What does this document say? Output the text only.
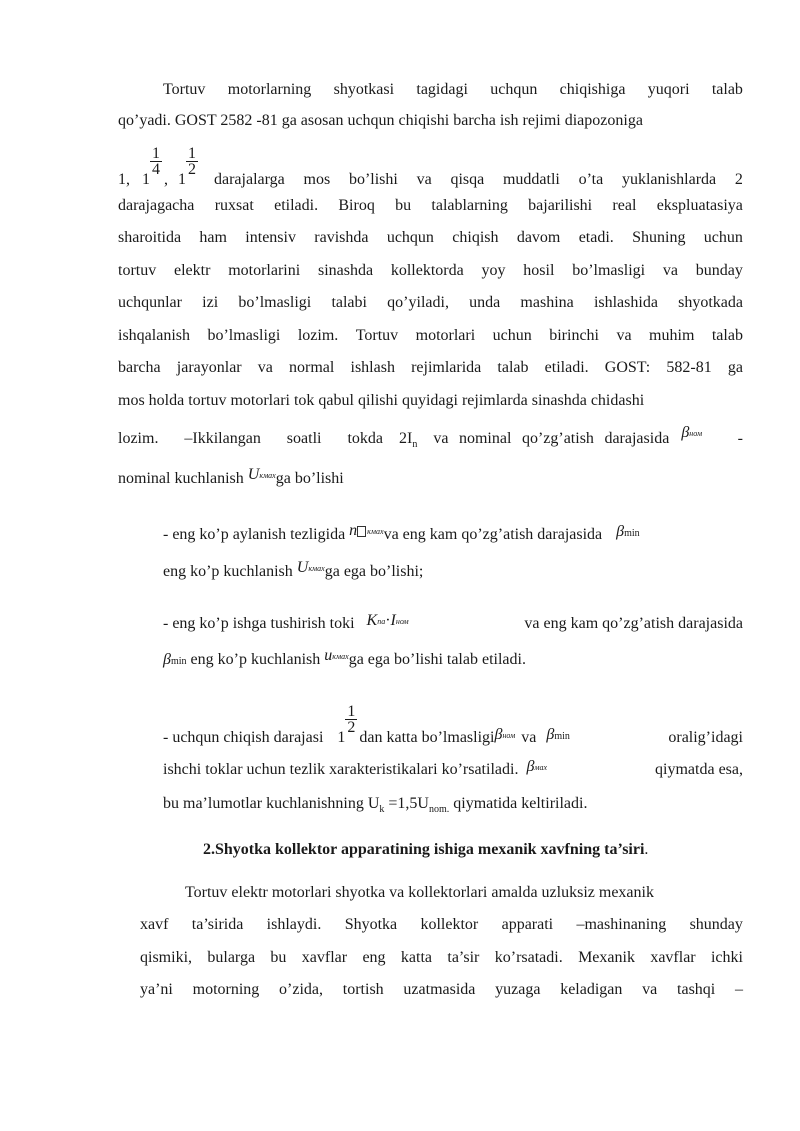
Tortuv motorlarning shyotkasi tagidagi uchqun chiqishiga yuqori talab
qo’yadi. GOST 2582 -81 ga asosan uchqun chiqishi barcha ish rejimi diapozoniga
1, $1 \frac{1}{4}$ , $1 \frac{1}{2}$ darajalarga mos bo’lishi va qisqa muddatli o’ta yuklanishlarda 2
darajagacha ruxsat etiladi. Biroq bu talablarning bajarilishi real ekspluatasiya
sharoitida ham intensiv ravishda uchqun chiqish davom etadi. Shuning uchun
tortuv elektr motorlarini sinashda kollektorda yoy hosil bo’lmasligi va bunday
uchqunlar izi bo’lmasligi talabi qo’yiladi, unda mashina ishlashida shyotkada
ishqalanish bo’lmasligi lozim. Tortuv motorlari uchun birinchi va muhim talab
barcha jarayonlar va normal ishlash rejimlarida talab etiladi. GOST: 582-81 ga
mos holda tortuv motorlari tok qabul qilishi quyidagi rejimlarda sinashda chidashi
lozim. –Ikkilangan soatli tokda $2I_n$ va nominal qo’zg’atish darajasida βном -
nominal kuchlanish Uкмахga bo’lishi
- eng ko’p aylanish tezligida n кмахva eng kam qo’zg’atish darajasida βmin
eng ko’p kuchlanish Uкмахga ega bo’lishi;
- eng ko’p ishga tushirish toki Kпа·Iном	va eng kam qo’zg’atish darajasida
βmin eng ko’p kuchlanish uкмахga ega bo’lishi talab etiladi.
- uchqun chiqish darajasi $1 \frac{1}{2}$ dan katta bo’lmasligi βном va βmin	oralig’idagi
ishchi toklar uchun tezlik xarakteristikalari ko’rsatiladi. βмах	qiymatda esa,
bu ma’lumotlar kuchlanishning $U_k =1,5U_{nom.}$ qiymatida keltiriladi.
2.Shyotka kollektor apparatining ishiga mexanik xavfning ta’siri.
Tortuv elektr motorlari shyotka va kollektorlari amalda uzluksiz mexanik
xavf ta’sirida ishlaydi. Shyotka kollektor apparati –mashinaning shunday
qismiki, bularga bu xavflar eng katta ta’sir ko’rsatadi. Mexanik xavflar ichki
ya’ni motorning o’zida, tortish uzatmasida yuzaga keladigan va tashqi –
